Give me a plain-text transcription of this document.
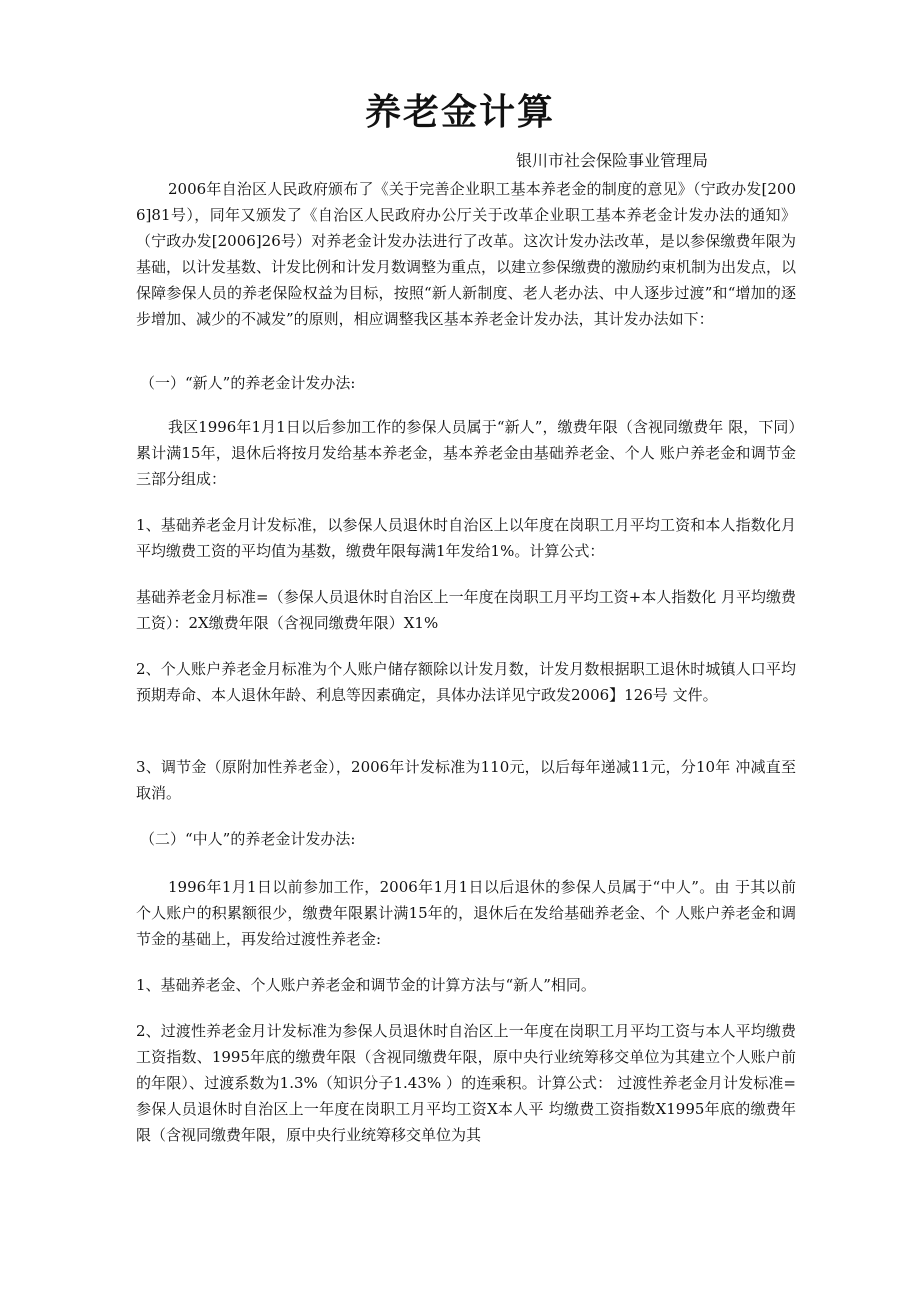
养老金计算

银川市社会保险事业管理局

2006年自治区人民政府颁布了《关于完善企业职工基本养老金的制度的意见》（宁政办发[2006]81号），同年又颁发了《自治区人民政府办公厅关于改革企业职工基本养老金计发办法的通知》（宁政办发[2006]26号）对养老金计发办法进行了改革。这次计发办法改革，是以参保缴费年限为基础，以计发基数、计发比例和计发月数调整为重点，以建立参保缴费的激励约束机制为出发点，以保障参保人员的养老保险权益为目标，按照“新人新制度、老人老办法、中人逐步过渡”和“增加的逐步增加、减少的不减发”的原则，相应调整我区基本养老金计发办法，其计发办法如下：

（一）“新人”的养老金计发办法:

我区1996年1月1日以后参加工作的参保人员属于“新人”，缴费年限（含视同缴费年 限，下同）累计满15年，退休后将按月发给基本养老金，基本养老金由基础养老金、个人 账户养老金和调节金三部分组成：

1、基础养老金月计发标准，以参保人员退休时自治区上以年度在岗职工月平均工资和本人指数化月平均缴费工资的平均值为基数，缴费年限每满1年发给1%。计算公式：

基础养老金月标准=（参保人员退休时自治区上一年度在岗职工月平均工资+本人指数化 月平均缴费工资）：2X缴费年限（含视同缴费年限）X1%

2、个人账户养老金月标准为个人账户储存额除以计发月数，计发月数根据职工退休时城镇人口平均预期寿命、本人退休年龄、利息等因素确定，具体办法详见宁政发2006】126号 文件。

3、调节金（原附加性养老金），2006年计发标准为110元，以后每年递减11元，分10年 冲减直至取消。

（二）“中人”的养老金计发办法:

1996年1月1日以前参加工作，2006年1月1日以后退休的参保人员属于“中人”。由 于其以前个人账户的积累额很少，缴费年限累计满15年的，退休后在发给基础养老金、个 人账户养老金和调节金的基础上，再发给过渡性养老金:

1、基础养老金、个人账户养老金和调节金的计算方法与“新人”相同。

2、过渡性养老金月计发标准为参保人员退休时自治区上一年度在岗职工月平均工资与本人平均缴费工资指数、1995年底的缴费年限（含视同缴费年限，原中央行业统筹移交单位为其建立个人账户前的年限）、过渡系数为1.3%（知识分子1.43% ）的连乘积。计算公式： 过渡性养老金月计发标准=参保人员退休时自治区上一年度在岗职工月平均工资X本人平 均缴费工资指数X1995年底的缴费年限（含视同缴费年限，原中央行业统筹移交单位为其
